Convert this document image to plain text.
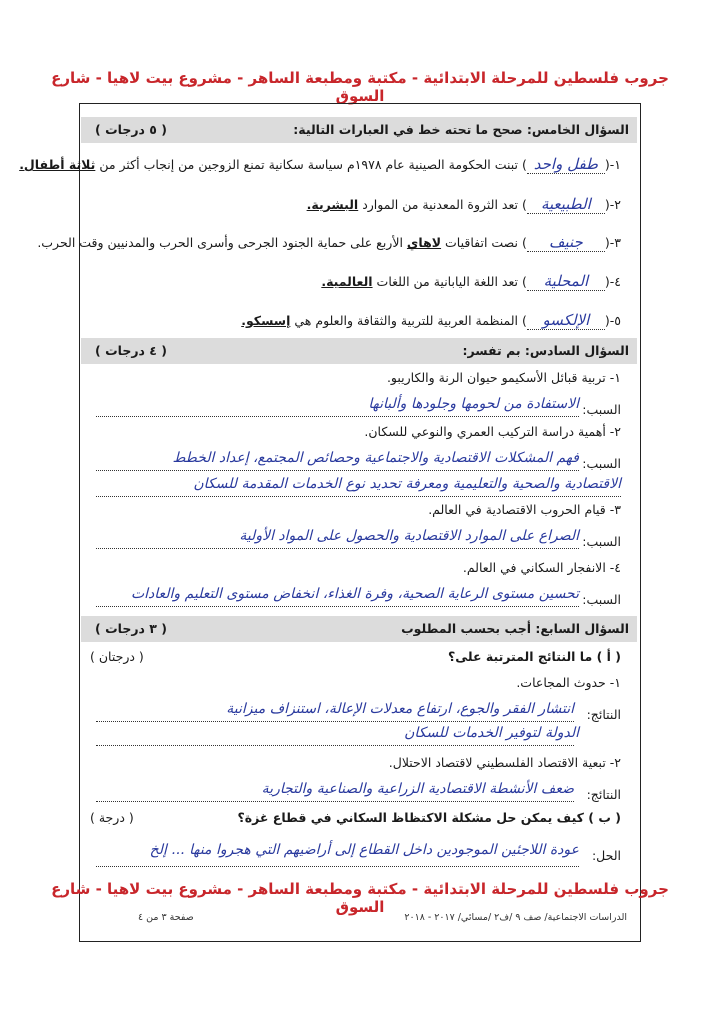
جروب فلسطين للمرحلة الابتدائية - مكتبة ومطبعة الساهر - مشروع بيت لاهيا - شارع السوق
السؤال الخامس: صحح ما تحته خط في العبارات التالية:
( ٥ درجات )
١-(طفل واحد) تبنت الحكومة الصينية عام ١٩٧٨م سياسة سكانية تمنع الزوجين من إنجاب أكثر من ثلاثة أطفال.
٢-(الطبيعية) تعد الثروة المعدنية من الموارد البشرية.
٣-(جنيف) نصت اتفاقيات لاهاي الأربع على حماية الجنود الجرحى وأسرى الحرب والمدنيين وقت الحرب.
٤-(المحلية) تعد اللغة اليابانية من اللغات العالمية.
٥-(الإلكسو) المنظمة العربية للتربية والثقافة والعلوم هي إسسكو.
السؤال السادس: بم تفسر:
( ٤ درجات )
١- تربية قبائل الأسكيمو حيوان الرنة والكاريبو.
السبب:
الاستفادة من لحومها وجلودها وألبانها
٢- أهمية دراسة التركيب العمري والنوعي للسكان.
السبب:
فهم المشكلات الاقتصادية والاجتماعية وحصائص المجتمع، إعداد الخطط
الاقتصادية والصحية والتعليمية ومعرفة تحديد نوع الخدمات المقدمة للسكان
٣- قيام الحروب الاقتصادية في العالم.
السبب:
الصراع على الموارد الاقتصادية والحصول على المواد الأولية
٤- الانفجار السكاني في العالم.
السبب:
تحسين مستوى الرعاية الصحية، وفرة الغذاء، انخفاض مستوى التعليم والعادات
السؤال السابع: أجب بحسب المطلوب
( ٣ درجات )
( أ ) ما النتائج المترتبة على؟
( درجتان )
١- حدوث المجاعات.
النتائج:
انتشار الفقر والجوع، ارتفاع معدلات الإعالة، استنزاف ميزانية
الدولة لتوفير الخدمات للسكان
٢- تبعية الاقتصاد الفلسطيني لاقتصاد الاحتلال.
النتائج:
ضعف الأنشطة الاقتصادية الزراعية والصناعية والتجارية
( ب ) كيف يمكن حل مشكلة الاكتظاظ السكاني في قطاع غزة؟
( درجة )
الحل:
عودة اللاجئين الموجودين داخل القطاع إلى أراضيهم التي هجروا منها ... إلخ
جروب فلسطين للمرحلة الابتدائية - مكتبة ومطبعة الساهر - مشروع بيت لاهيا - شارع السوق
الدراسات الاجتماعية/ صف ٩ /ف٢ /مسائي/ ٢٠١٧ - ٢٠١٨
صفحة ٣ من ٤
